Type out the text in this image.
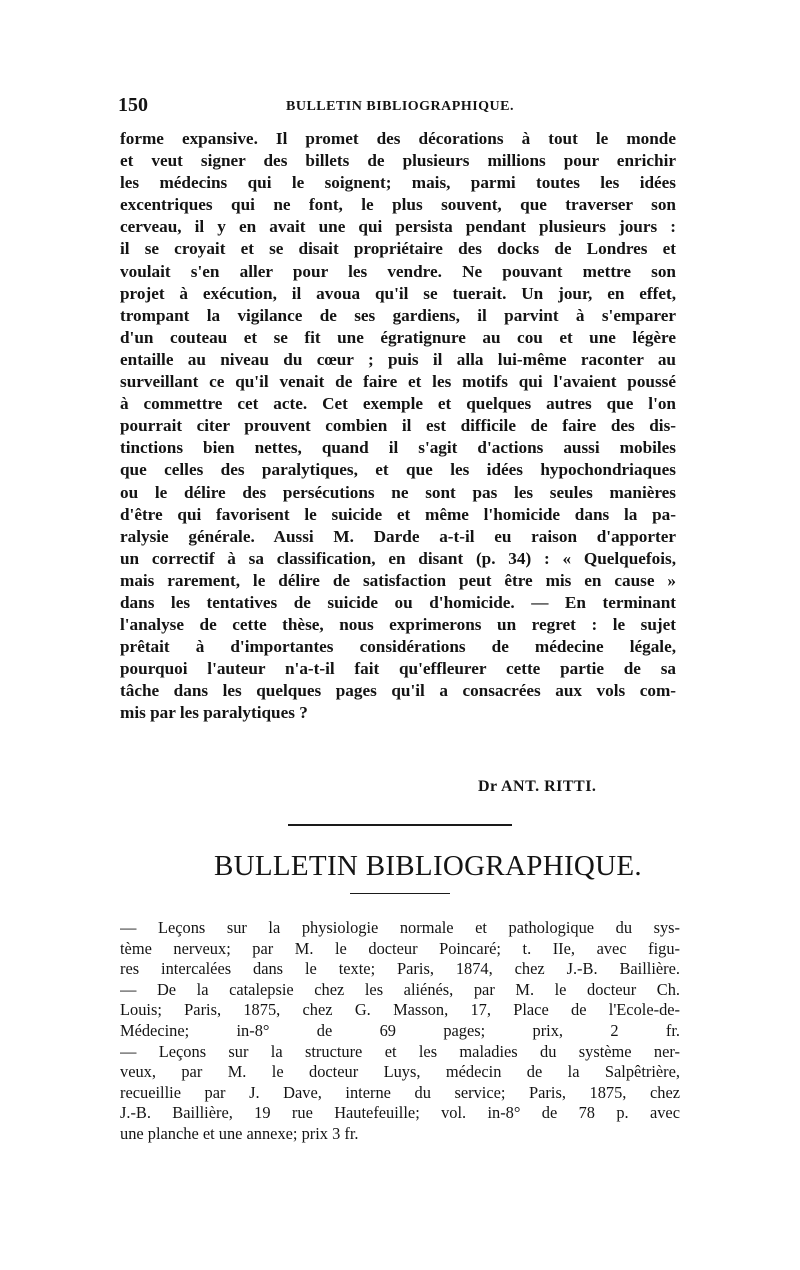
150	BULLETIN BIBLIOGRAPHIQUE.
forme expansive. Il promet des décorations à tout le monde
et veut signer des billets de plusieurs millions pour enrichir
les médecins qui le soignent; mais, parmi toutes les idées
excentriques qui ne font, le plus souvent, que traverser son
cerveau, il y en avait une qui persista pendant plusieurs jours :
il se croyait et se disait propriétaire des docks de Londres et
voulait s'en aller pour les vendre. Ne pouvant mettre son
projet à exécution, il avoua qu'il se tuerait. Un jour, en effet,
trompant la vigilance de ses gardiens, il parvint à s'emparer
d'un couteau et se fit une égratignure au cou et une légère
entaille au niveau du cœur ; puis il alla lui-même raconter au
surveillant ce qu'il venait de faire et les motifs qui l'avaient poussé
à commettre cet acte. Cet exemple et quelques autres que l'on
pourrait citer prouvent combien il est difficile de faire des dis-
tinctions bien nettes, quand il s'agit d'actions aussi mobiles
que celles des paralytiques, et que les idées hypochondriaques
ou le délire des persécutions ne sont pas les seules manières
d'être qui favorisent le suicide et même l'homicide dans la pa-
ralysie générale. Aussi M. Darde a-t-il eu raison d'apporter
un correctif à sa classification, en disant (p. 34) : « Quelquefois,
mais rarement, le délire de satisfaction peut être mis en cause »
dans les tentatives de suicide ou d'homicide. — En terminant
l'analyse de cette thèse, nous exprimerons un regret : le sujet
prêtait à d'importantes considérations de médecine légale,
pourquoi l'auteur n'a-t-il fait qu'effleurer cette partie de sa
tâche dans les quelques pages qu'il a consacrées aux vols com-
mis par les paralytiques ?
Dr ANT. RITTI.
BULLETIN BIBLIOGRAPHIQUE.
— Leçons sur la physiologie normale et pathologique du sys-
tème nerveux; par M. le docteur Poincaré; t. IIe, avec figu-
res intercalées dans le texte; Paris, 1874, chez J.-B. Baillière.
— De la catalepsie chez les aliénés, par M. le docteur Ch.
Louis; Paris, 1875, chez G. Masson, 17, Place de l'Ecole-de-
Médecine; in-8° de 69 pages; prix, 2 fr.
— Leçons sur la structure et les maladies du système ner-
veux, par M. le docteur Luys, médecin de la Salpêtrière,
recueillie par J. Dave, interne du service; Paris, 1875, chez
J.-B. Baillière, 19 rue Hautefeuille; vol. in-8° de 78 p. avec
une planche et une annexe; prix 3 fr.
